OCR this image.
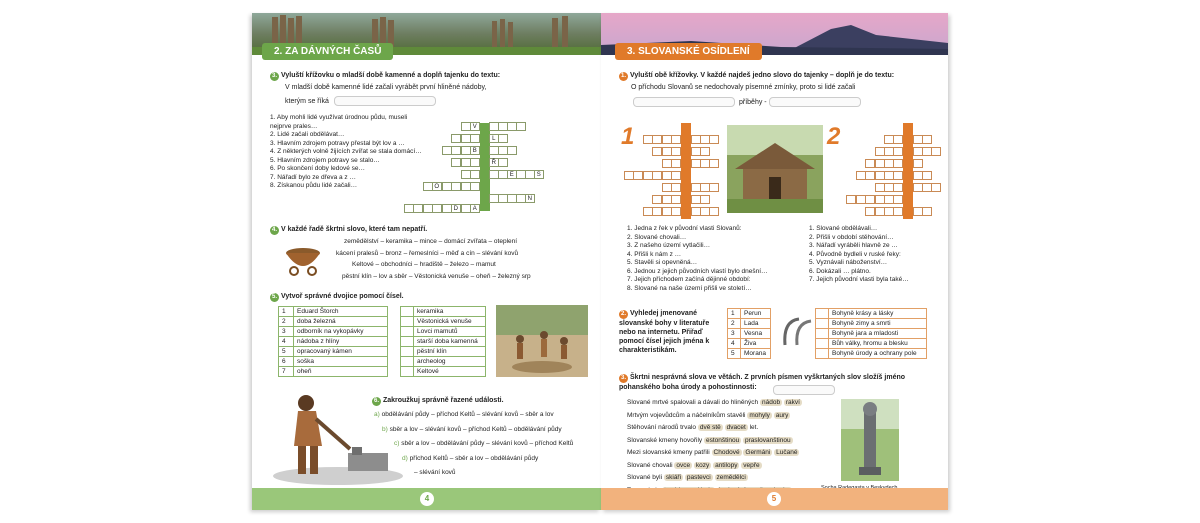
2. ZA DÁVNÝCH ČASŮ
3. Vyluští křížovku o mladší době kamenné a doplň tajenku do textu:
V mladší době kamenné lidé začali vyrábět první hliněné nádoby,
kterým se říká
1. Aby mohli lidé využívat úrodnou půdu, museli nejprve prales…
2. Lidé začali obdělávat…
3. Hlavním zdrojem potravy přestal být lov a …
4. Z některých volně žijících zvířat se stala domácí…
5. Hlavním zdrojem potravy se stalo…
6. Po skončení doby ledové se…
7. Nářadí bylo ze dřeva a z …
8. Získanou půdu lidé začali…
V
L
B
Ř
E	S
O
N
D	A
4. V každé řadě škrtni slovo, které tam nepatří.
zemědělství – keramika – mince – domácí zvířata – oteplení
kácení pralesů – bronz – řemeslníci – měď a cín – slévání kovů
Keltové – obchodníci – hradiště – železo – mamut
pěstní klín – lov a sběr – Věstonická venuše – oheň – železný srp
5. Vytvoř správné dvojice pomocí čísel.
1	Eduard Štorch
2	doba železná
3	odborník na vykopávky
4	nádoba z hlíny
5	opracovaný kámen
6	soška
7	oheň
	keramika
	Věstonická venuše
	Lovci mamutů
	starší doba kamenná
	pěstní klín
	archeolog
	Keltové
6. Zakroužkuj správně řazené události.
a) obdělávání půdy – příchod Keltů – slévání kovů – sběr a lov
b) sběr a lov – slévání kovů – příchod Keltů – obdělávání půdy
c) sběr a lov – obdělávání půdy – slévání kovů – příchod Keltů
d) příchod Keltů – sběr a lov – obdělávání půdy
– slévání kovů
4
3. SLOVANSKÉ OSÍDLENÍ
1. Vyluští obě křížovky. V každé najdeš jedno slovo do tajenky – doplň je do textu:
O příchodu Slovanů se nedochovaly písemné zmínky, proto si lidé začali
příběhy -
1	2
1. Jedna z řek v původní vlasti Slovanů:
2. Slované chovali…
3. Z našeho území vytlačili…
4. Přišli k nám z …
5. Stavěli si opevněná…
6. Jednou z jejich původních vlastí bylo dnešní…
7. Jejich příchodem začíná dějinné období:
8. Slované na naše území přišli ve století…
1. Slované obdělávali…
2. Přišli v období stěhování…
3. Nářadí vyráběli hlavně ze …
4. Původně bydleli v ruské řeky:
5. Vyznávali náboženství…
6. Dokázali … plátno.
7. Jejich původní vlasti byla také…
2. Vyhledej jmenované slovanské bohy v literatuře nebo na internetu. Přiřaď pomocí čísel jejich jména k charakteristikám.
1	Perun
2	Lada
3	Vesna
4	Živa
5	Morana
	Bohyně krásy a lásky
	Bohyně zimy a smrti
	Bohyně jara a mladosti
	Bůh války, hromu a blesku
	Bohyně úrody a ochrany pole
3. Škrtni nesprávná slova ve větách. Z prvních písmen vyškrtaných slov složíš jméno pohanského boha úrody a pohostinnosti:
Slované mrtvé spalovali a dávali do hliněných nádob rakví
Mrtvým vojevůdcům a náčelníkům stavěli mohyly aury
Stěhování národů trvalo dvě stě dvacet let.
Slovanské kmeny hovořily estonštinou praslovanštinou
Mezi slovanské kmeny patřili Chodové Germáni Lučané
Slované chovali ovce kozy antilopy vepře
Slované byli skiáři pastevci zemědělci
5
